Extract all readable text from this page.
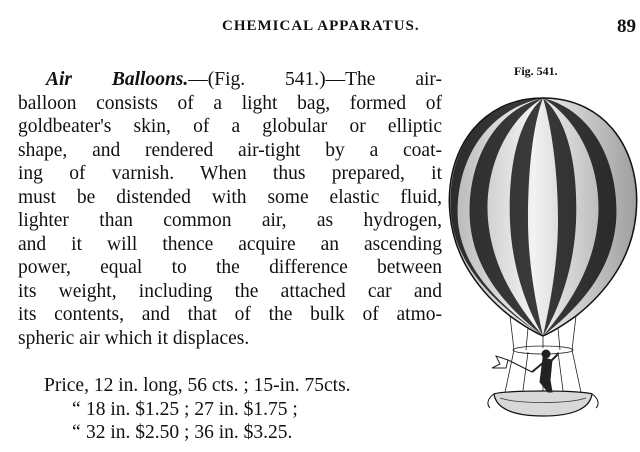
CHEMICAL APPARATUS.	89
Fig. 541.
Air Balloons.—(Fig. 541.)—The air-
balloon consists of a light bag, formed of
goldbeater's skin, of a globular or elliptic
shape, and rendered air-tight by a coat-
ing of varnish. When thus prepared, it
must be distended with some elastic fluid,
lighter than common air, as hydrogen,
and it will thence acquire an ascending
power, equal to the difference between
its weight, including the attached car and
its contents, and that of the bulk of atmo-
spheric air which it displaces.
Price, 12 in. long, 56 cts. ; 15-in. 75cts.
“ 18 in. $1.25 ; 27 in. $1.75 ;
“ 32 in. $2.50 ; 36 in. $3.25.
